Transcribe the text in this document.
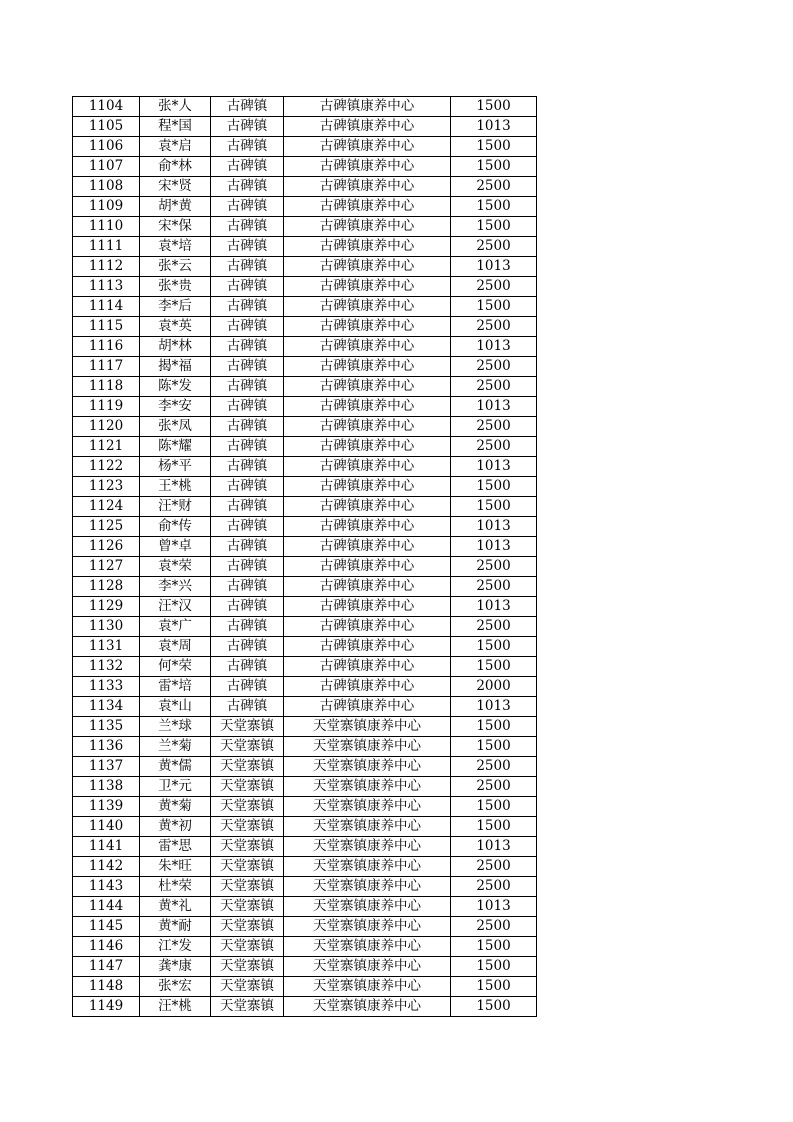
1104	张*人	古碑镇	古碑镇康养中心	1500
1105	程*国	古碑镇	古碑镇康养中心	1013
1106	袁*启	古碑镇	古碑镇康养中心	1500
1107	俞*林	古碑镇	古碑镇康养中心	1500
1108	宋*贤	古碑镇	古碑镇康养中心	2500
1109	胡*黄	古碑镇	古碑镇康养中心	1500
1110	宋*保	古碑镇	古碑镇康养中心	1500
1111	袁*培	古碑镇	古碑镇康养中心	2500
1112	张*云	古碑镇	古碑镇康养中心	1013
1113	张*贵	古碑镇	古碑镇康养中心	2500
1114	李*后	古碑镇	古碑镇康养中心	1500
1115	袁*英	古碑镇	古碑镇康养中心	2500
1116	胡*林	古碑镇	古碑镇康养中心	1013
1117	揭*福	古碑镇	古碑镇康养中心	2500
1118	陈*发	古碑镇	古碑镇康养中心	2500
1119	李*安	古碑镇	古碑镇康养中心	1013
1120	张*凤	古碑镇	古碑镇康养中心	2500
1121	陈*耀	古碑镇	古碑镇康养中心	2500
1122	杨*平	古碑镇	古碑镇康养中心	1013
1123	王*桃	古碑镇	古碑镇康养中心	1500
1124	汪*财	古碑镇	古碑镇康养中心	1500
1125	俞*传	古碑镇	古碑镇康养中心	1013
1126	曾*卓	古碑镇	古碑镇康养中心	1013
1127	袁*荣	古碑镇	古碑镇康养中心	2500
1128	李*兴	古碑镇	古碑镇康养中心	2500
1129	汪*汉	古碑镇	古碑镇康养中心	1013
1130	袁*广	古碑镇	古碑镇康养中心	2500
1131	袁*周	古碑镇	古碑镇康养中心	1500
1132	何*荣	古碑镇	古碑镇康养中心	1500
1133	雷*培	古碑镇	古碑镇康养中心	2000
1134	袁*山	古碑镇	古碑镇康养中心	1013
1135	兰*球	天堂寨镇	天堂寨镇康养中心	1500
1136	兰*菊	天堂寨镇	天堂寨镇康养中心	1500
1137	黄*儒	天堂寨镇	天堂寨镇康养中心	2500
1138	卫*元	天堂寨镇	天堂寨镇康养中心	2500
1139	黄*菊	天堂寨镇	天堂寨镇康养中心	1500
1140	黄*初	天堂寨镇	天堂寨镇康养中心	1500
1141	雷*思	天堂寨镇	天堂寨镇康养中心	1013
1142	朱*旺	天堂寨镇	天堂寨镇康养中心	2500
1143	杜*荣	天堂寨镇	天堂寨镇康养中心	2500
1144	黄*礼	天堂寨镇	天堂寨镇康养中心	1013
1145	黄*耐	天堂寨镇	天堂寨镇康养中心	2500
1146	江*发	天堂寨镇	天堂寨镇康养中心	1500
1147	龚*康	天堂寨镇	天堂寨镇康养中心	1500
1148	张*宏	天堂寨镇	天堂寨镇康养中心	1500
1149	汪*桃	天堂寨镇	天堂寨镇康养中心	1500
